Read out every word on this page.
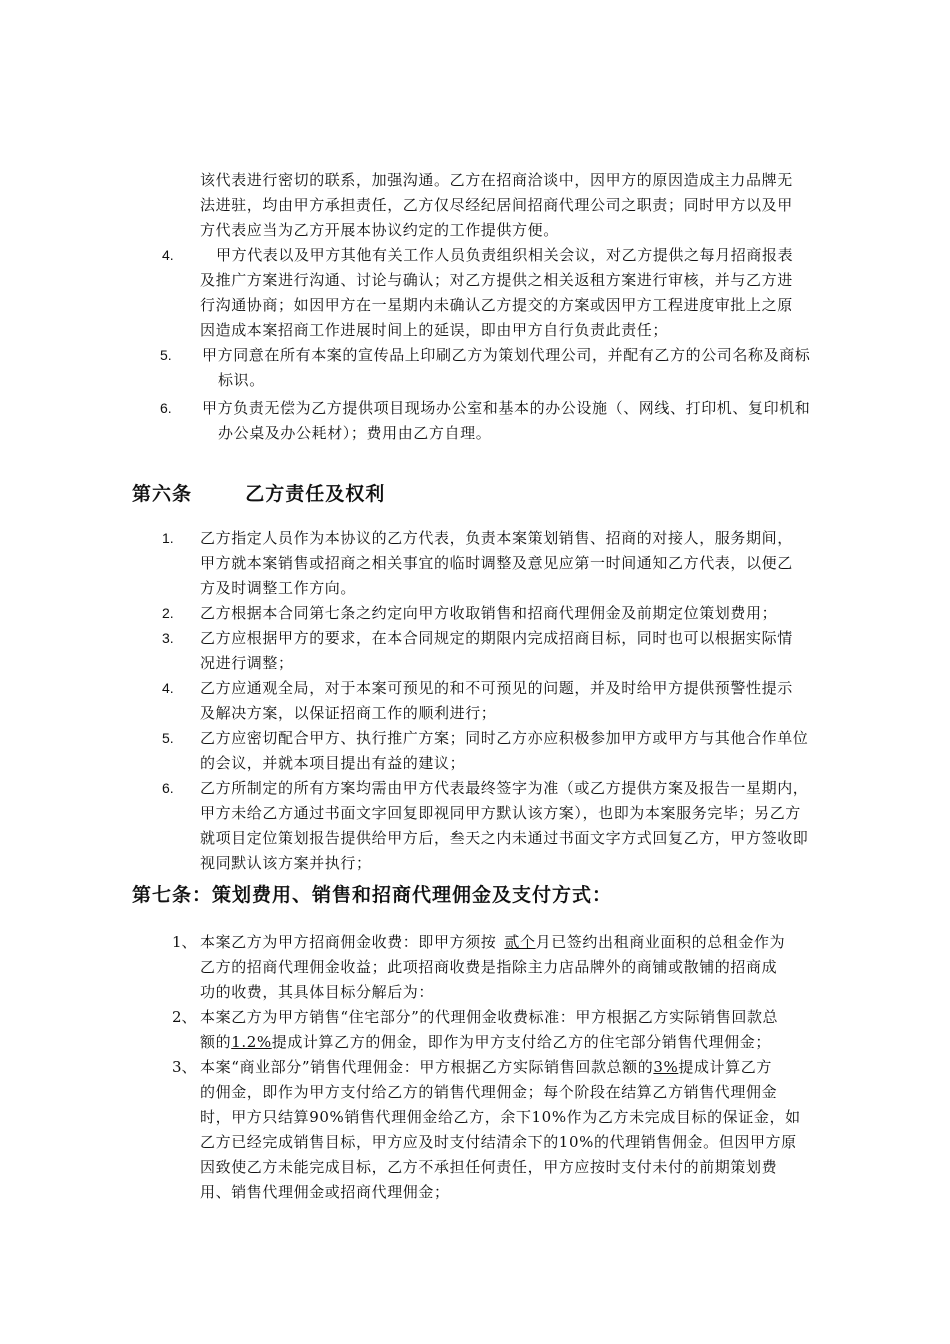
该代表进行密切的联系，加强沟通。乙方在招商洽谈中，因甲方的原因造成主力品牌无
法进驻，均由甲方承担责任，乙方仅尽经纪居间招商代理公司之职责；同时甲方以及甲
方代表应当为乙方开展本协议约定的工作提供方便。
4.	甲方代表以及甲方其他有关工作人员负责组织相关会议，对乙方提供之每月招商报表
及推广方案进行沟通、讨论与确认；对乙方提供之相关返租方案进行审核，并与乙方进
行沟通协商；如因甲方在一星期内未确认乙方提交的方案或因甲方工程进度审批上之原
因造成本案招商工作进展时间上的延误，即由甲方自行负责此责任；
5. 甲方同意在所有本案的宣传品上印刷乙方为策划代理公司，并配有乙方的公司名称及商标
标识。
6. 甲方负责无偿为乙方提供项目现场办公室和基本的办公设施（、网线、打印机、复印机和
办公桌及办公耗材）；费用由乙方自理。
第六条	乙方责任及权利
1. 乙方指定人员作为本协议的乙方代表，负责本案策划销售、招商的对接人，服务期间，
甲方就本案销售或招商之相关事宜的临时调整及意见应第一时间通知乙方代表，以便乙
方及时调整工作方向。
2. 乙方根据本合同第七条之约定向甲方收取销售和招商代理佣金及前期定位策划费用；
3. 乙方应根据甲方的要求，在本合同规定的期限内完成招商目标，同时也可以根据实际情
况进行调整；
4. 乙方应通观全局，对于本案可预见的和不可预见的问题，并及时给甲方提供预警性提示
及解决方案，以保证招商工作的顺利进行；
5. 乙方应密切配合甲方、执行推广方案；同时乙方亦应积极参加甲方或甲方与其他合作单位
的会议，并就本项目提出有益的建议；
6. 乙方所制定的所有方案均需由甲方代表最终签字为准（或乙方提供方案及报告一星期内，
甲方未给乙方通过书面文字回复即视同甲方默认该方案），也即为本案服务完毕；另乙方
就项目定位策划报告提供给甲方后，叁天之内未通过书面文字方式回复乙方，甲方签收即
视同默认该方案并执行；
第七条：策划费用、销售和招商代理佣金及支付方式：
1、 本案乙方为甲方招商佣金收费：即甲方须按 贰个月已签约出租商业面积的总租金作为
乙方的招商代理佣金收益；此项招商收费是指除主力店品牌外的商铺或散铺的招商成
功的收费，其具体目标分解后为：
2、 本案乙方为甲方销售“住宅部分”的代理佣金收费标准：甲方根据乙方实际销售回款总
额的1.2%提成计算乙方的佣金，即作为甲方支付给乙方的住宅部分销售代理佣金；
3、 本案“商业部分”销售代理佣金：甲方根据乙方实际销售回款总额的3%提成计算乙方
的佣金，即作为甲方支付给乙方的销售代理佣金；每个阶段在结算乙方销售代理佣金
时，甲方只结算90%销售代理佣金给乙方，余下10%作为乙方未完成目标的保证金，如
乙方已经完成销售目标，甲方应及时支付结清余下的10%的代理销售佣金。但因甲方原
因致使乙方未能完成目标，乙方不承担任何责任，甲方应按时支付未付的前期策划费
用、销售代理佣金或招商代理佣金；
